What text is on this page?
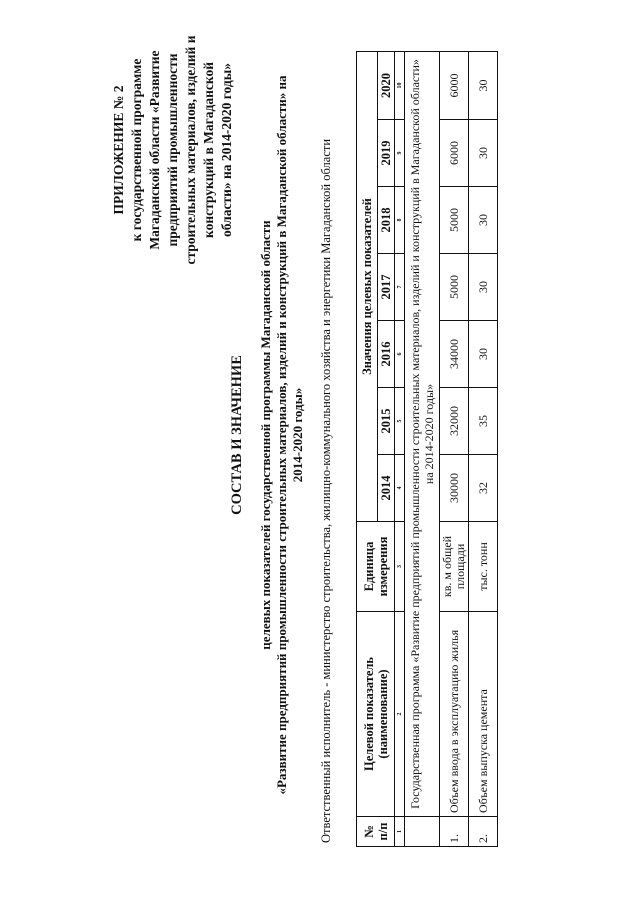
ПРИЛОЖЕНИЕ № 2 к государственной программе Магаданской области «Развитие предприятий промышленности строительных материалов, изделий и конструкций в Магаданской области» на 2014-2020 годы»
СОСТАВ И ЗНАЧЕНИЕ целевых показателей государственной программы Магаданской области «Развитие предприятий промышленности строительных материалов, изделий и конструкций в Магаданской области» на 2014-2020 годы» Ответственный исполнитель - министерство строительства, жилищно-коммунального хозяйства и энергетики Магаданской области № п/п	Целевой показатель (наименование)	Единица измерения	Значения целевых показателей						
			2014	2015	2016	2017	2018	2019	2020
1	2	3	4	5	6	7	8	9	10
	Государственная программа «Развитие предприятий промышленности строительных материалов, изделий и конструкций в Магаданской области» на 2014-2020 годы»								
1.	Объем ввода в эксплуатацию жилья	кв. м общей площади	30000	32000	34000	5000	5000	6000	6000
2.	Объем выпуска цемента	тыс. тонн	32	35	30	30	30	30	30
